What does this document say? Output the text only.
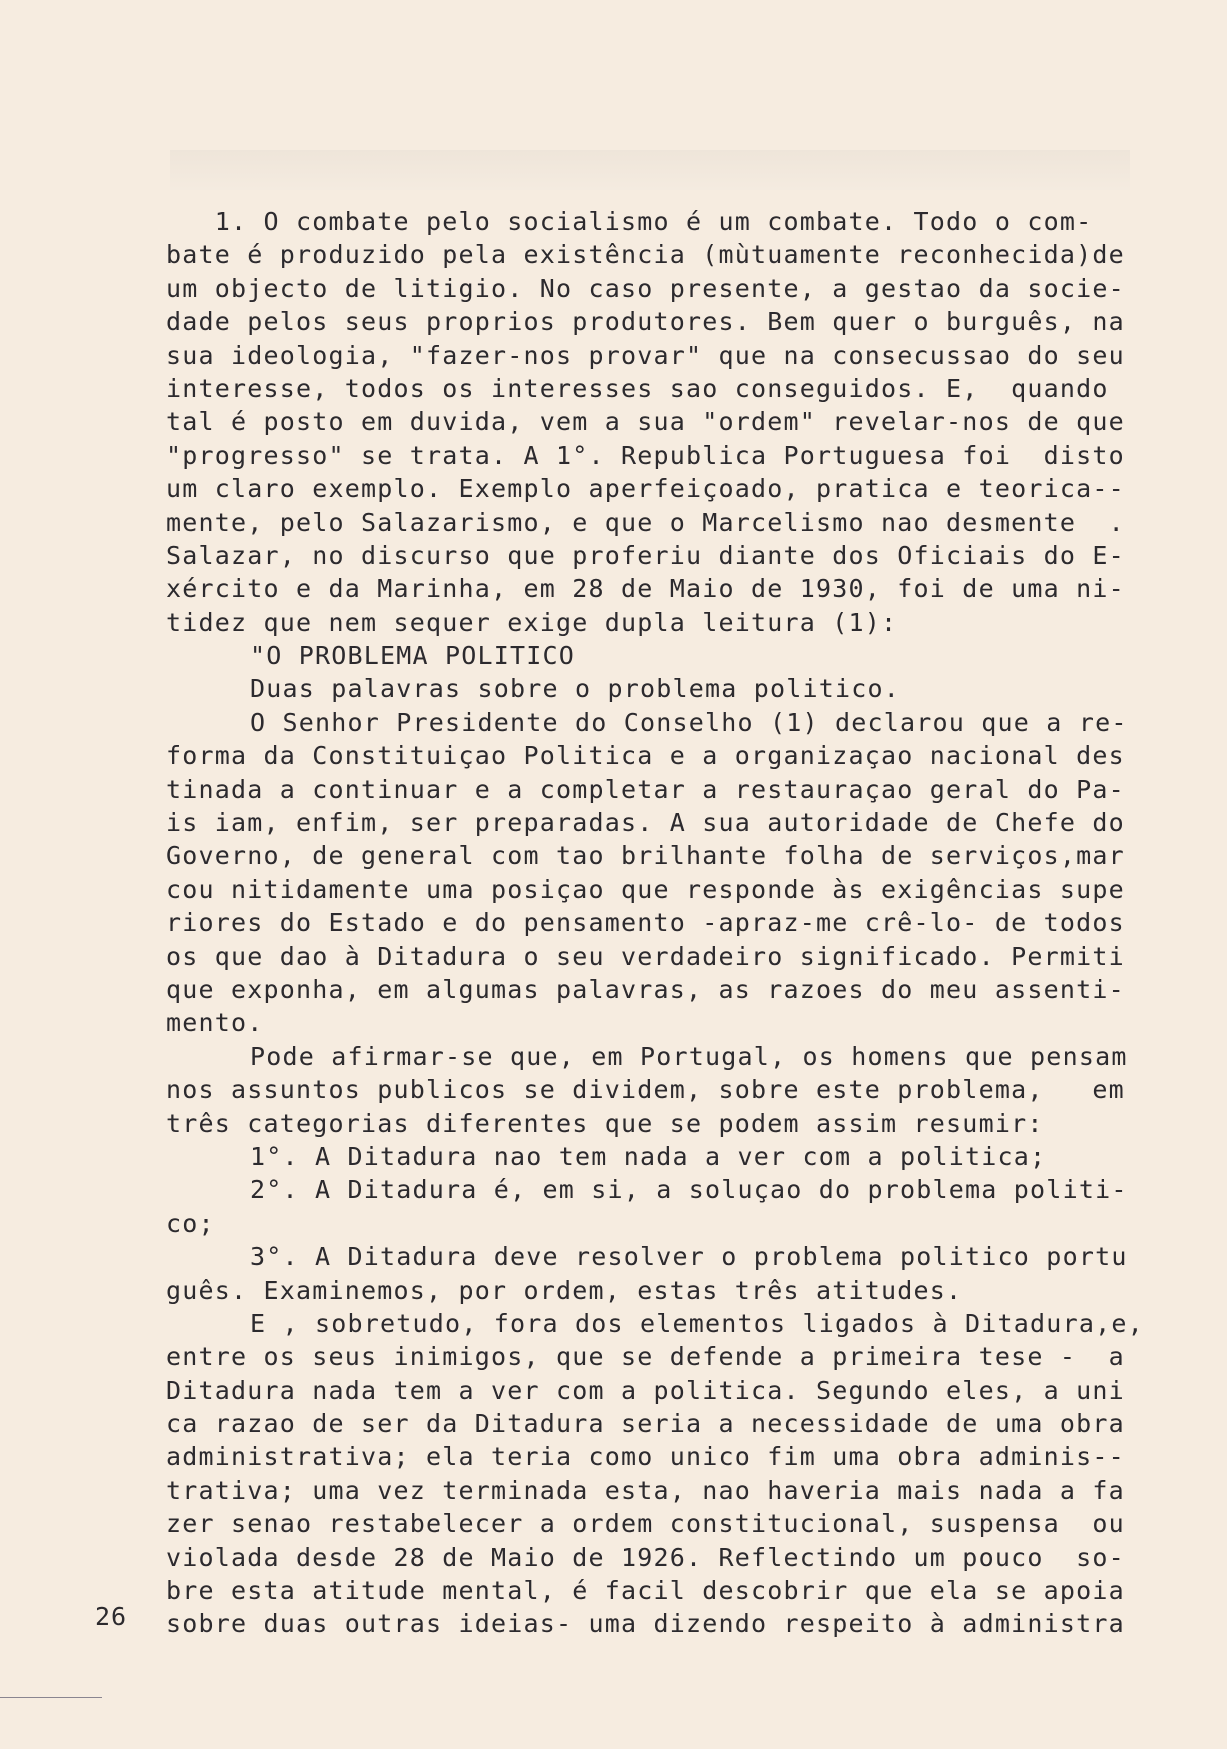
1. O combate pelo socialismo é um combate. Todo o com-
bate é produzido pela existência (mùtuamente reconhecida)de
um objecto de litigio. No caso presente, a gestao da socie-
dade pelos seus proprios produtores. Bem quer o burguês, na
sua ideologia, "fazer-nos provar" que na consecussao do seu
interesse, todos os interesses sao conseguidos. E,  quando
tal é posto em duvida, vem a sua "ordem" revelar-nos de que
"progresso" se trata. A 1°. Republica Portuguesa foi  disto
um claro exemplo. Exemplo aperfeiçoado, pratica e teorica--
mente, pelo Salazarismo, e que o Marcelismo nao desmente  .
Salazar, no discurso que proferiu diante dos Oficiais do E-
xército e da Marinha, em 28 de Maio de 1930, foi de uma ni-
tidez que nem sequer exige dupla leitura (1):
"O PROBLEMA POLITICO
Duas palavras sobre o problema politico.
O Senhor Presidente do Conselho (1) declarou que a re-
forma da Constituiçao Politica e a organizaçao nacional des
tinada a continuar e a completar a restauraçao geral do Pa-
is iam, enfim, ser preparadas. A sua autoridade de Chefe do
Governo, de general com tao brilhante folha de serviços,mar
cou nitidamente uma posiçao que responde às exigências supe
riores do Estado e do pensamento -apraz-me crê-lo- de todos
os que dao à Ditadura o seu verdadeiro significado. Permiti
que exponha, em algumas palavras, as razoes do meu assenti-
mento.
Pode afirmar-se que, em Portugal, os homens que pensam
nos assuntos publicos se dividem, sobre este problema,   em
três categorias diferentes que se podem assim resumir:
1°. A Ditadura nao tem nada a ver com a politica;
2°. A Ditadura é, em si, a soluçao do problema politi-
co;
3°. A Ditadura deve resolver o problema politico portu
guês. Examinemos, por ordem, estas três atitudes.
E , sobretudo, fora dos elementos ligados à Ditadura,e,
entre os seus inimigos, que se defende a primeira tese -  a
Ditadura nada tem a ver com a politica. Segundo eles, a uni
ca razao de ser da Ditadura seria a necessidade de uma obra
administrativa; ela teria como unico fim uma obra adminis--
trativa; uma vez terminada esta, nao haveria mais nada a fa
zer senao restabelecer a ordem constitucional, suspensa  ou
violada desde 28 de Maio de 1926. Reflectindo um pouco  so-
bre esta atitude mental, é facil descobrir que ela se apoia
sobre duas outras ideias- uma dizendo respeito à administra
26
